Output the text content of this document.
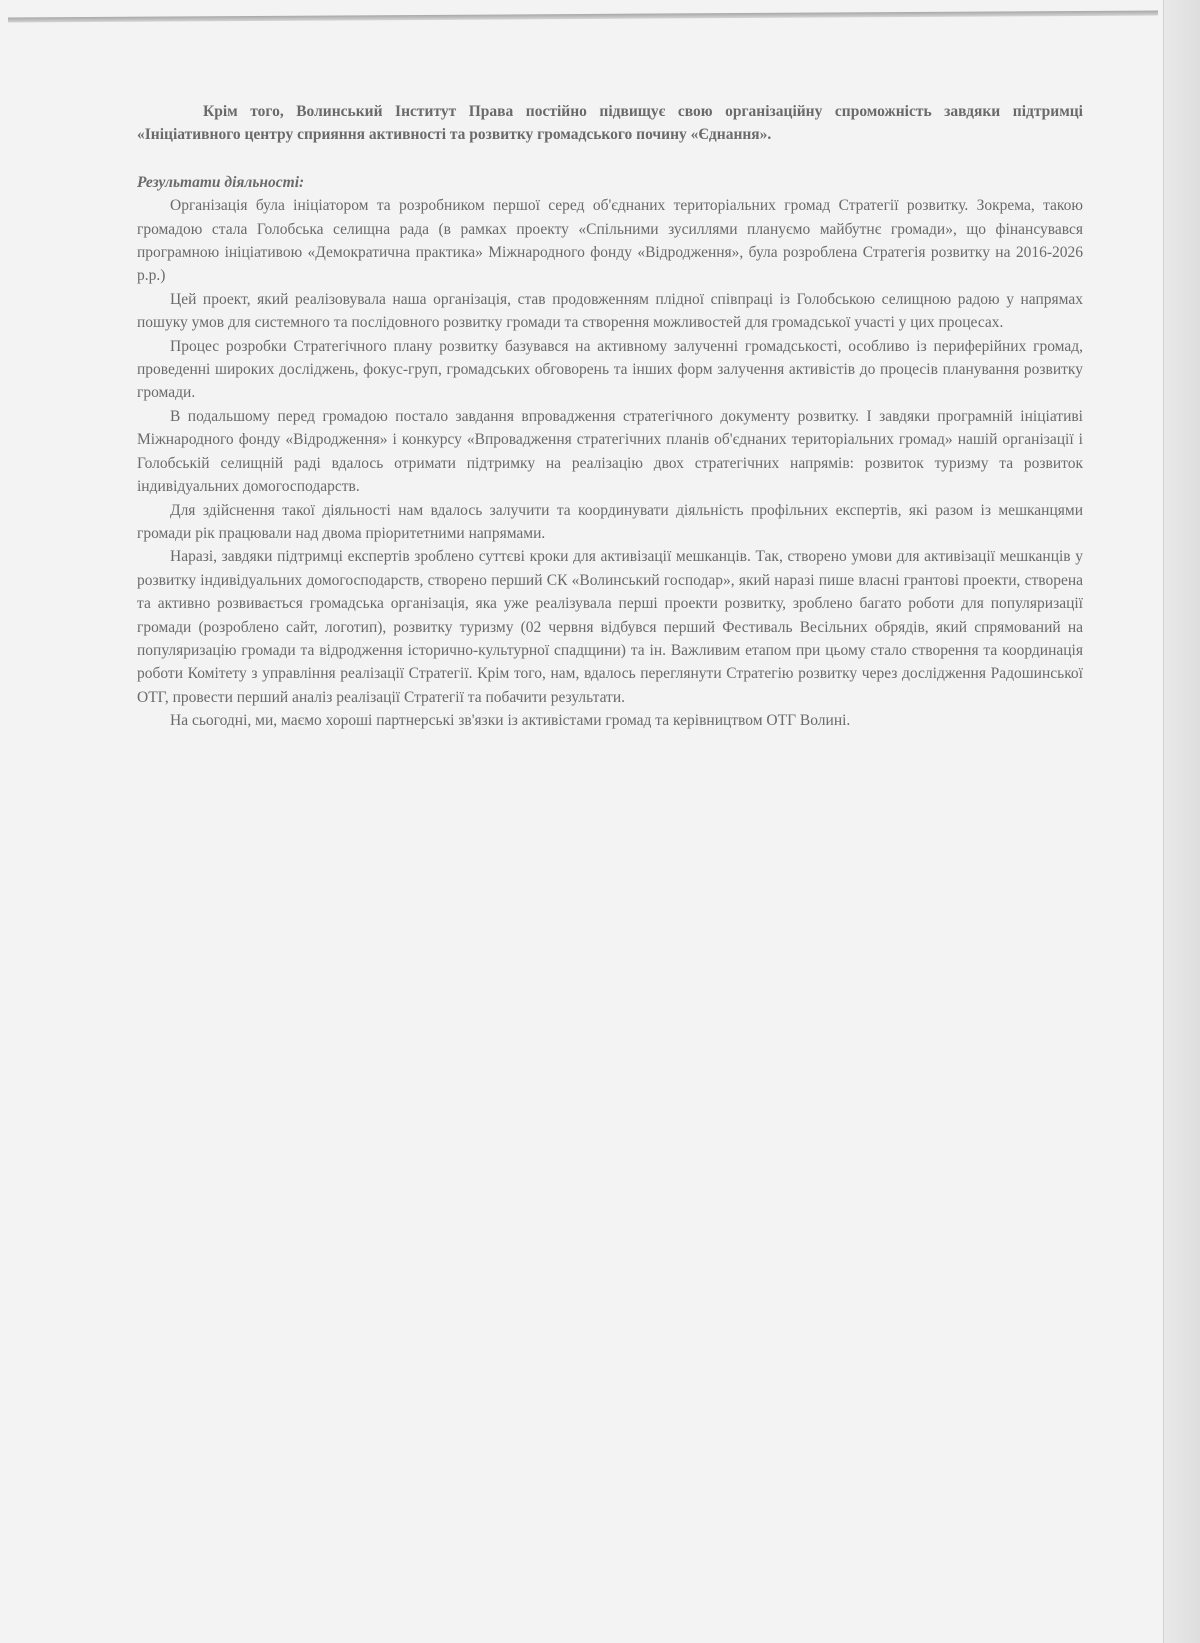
Крім того, Волинський Інститут Права постійно підвищує свою організаційну спроможність завдяки підтримці «Ініціативного центру сприяння активності та розвитку громадського почину «Єднання».

Результати діяльності:

Організація була ініціатором та розробником першої серед об'єднаних територіальних громад Стратегії розвитку. Зокрема, такою громадою стала Голобська селищна рада (в рамках проекту «Спільними зусиллями плануємо майбутнє громади», що фінансувався програмною ініціативою «Демократична практика» Міжнародного фонду «Відродження», була розроблена Стратегія розвитку на 2016-2026 р.р.)

Цей проект, який реалізовувала наша організація, став продовженням плідної співпраці із Голобською селищною радою у напрямах пошуку умов для системного та послідовного розвитку громади та створення можливостей для громадської участі у цих процесах.

Процес розробки Стратегічного плану розвитку базувався на активному залученні громадськості, особливо із периферійних громад, проведенні широких досліджень, фокус-груп, громадських обговорень та інших форм залучення активістів до процесів планування розвитку громади.

В подальшому перед громадою постало завдання впровадження стратегічного документу розвитку. І завдяки програмній ініціативі Міжнародного фонду «Відродження» і конкурсу «Впровадження стратегічних планів об'єднаних територіальних громад» нашій організації і Голобській селищній раді вдалось отримати підтримку на реалізацію двох стратегічних напрямів: розвиток туризму та розвиток індивідуальних домогосподарств.

Для здійснення такої діяльності нам вдалось залучити та координувати діяльність профільних експертів, які разом із мешканцями громади рік працювали над двома пріоритетними напрямами.

Наразі, завдяки підтримці експертів зроблено суттєві кроки для активізації мешканців. Так, створено умови для активізації мешканців у розвитку індивідуальних домогосподарств, створено перший СК «Волинський господар», який наразі пише власні грантові проекти, створена та активно розвивається громадська організація, яка уже реалізувала перші проекти розвитку, зроблено багато роботи для популяризації громади (розроблено сайт, логотип), розвитку туризму (02 червня відбувся перший Фестиваль Весільних обрядів, який спрямований на популяризацію громади та відродження історично-культурної спадщини) та ін. Важливим етапом при цьому стало створення та координація роботи Комітету з управління реалізації Стратегії. Крім того, нам, вдалось переглянути Стратегію розвитку через дослідження Радошинської ОТГ, провести перший аналіз реалізації Стратегії та побачити результати.

На сьогодні, ми, маємо хороші партнерські зв'язки із активістами громад та керівництвом ОТГ Волині.
